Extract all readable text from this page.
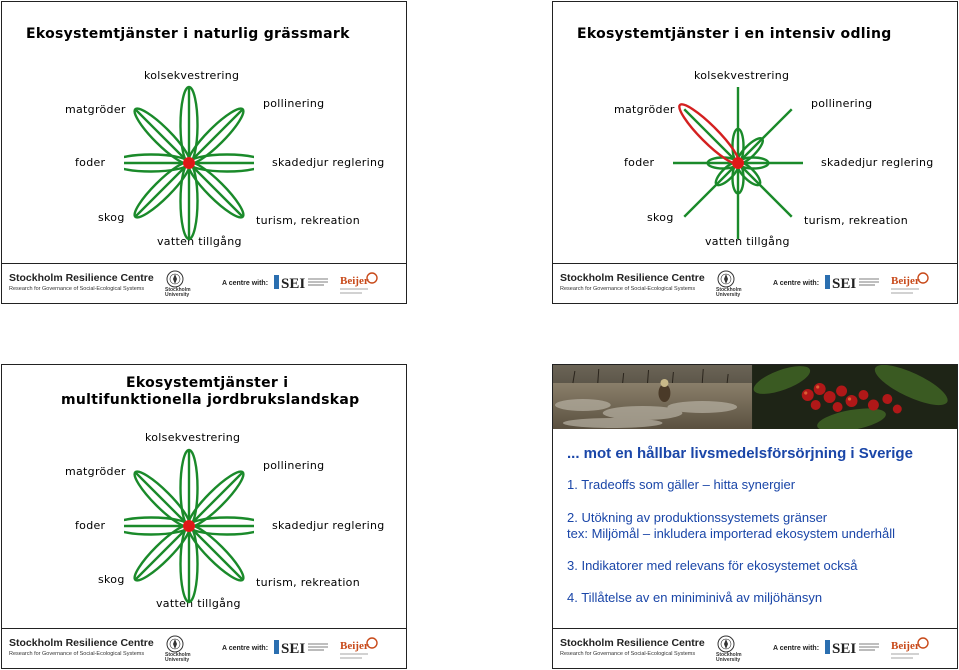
Ekosystemtjänster i naturlig grässmark
kolsekvestrering
matgröder	pollinering
foder	skadedjur reglering
skog	turism, rekreation
vatten tillgång
Stockholm Resilience Centre
Research for Governance of Social-Ecological Systems	Stockholm
University
A centre with: SEI	Beijer
Ekosystemtjänster i en intensiv odling
kolsekvestrering
matgröder	pollinering
foder	skadedjur reglering
skog	turism, rekreation
vatten tillgång
Stockholm Resilience Centre
Research for Governance of Social-Ecological Systems	Stockholm
University
A centre with: SEI	Beijer
Ekosystemtjänster i
multifunktionella jordbrukslandskap
kolsekvestrering
matgröder	pollinering
foder	skadedjur reglering
skog	turism, rekreation
vatten tillgång
Stockholm Resilience Centre
Research for Governance of Social-Ecological Systems	Stockholm
University
A centre with: SEI	Beijer
... mot en hållbar livsmedelsförsörjning i Sverige
1. Tradeoffs som gäller – hitta synergier
2. Utökning av produktionssystemets gränser
tex: Miljömål – inkludera importerad ekosystem underhåll
3. Indikatorer med relevans för ekosystemet också
4. Tillåtelse av en miniminivå av miljöhänsyn
Stockholm Resilience Centre
Research for Governance of Social-Ecological Systems	Stockholm
University
A centre with: SEI	Beijer
